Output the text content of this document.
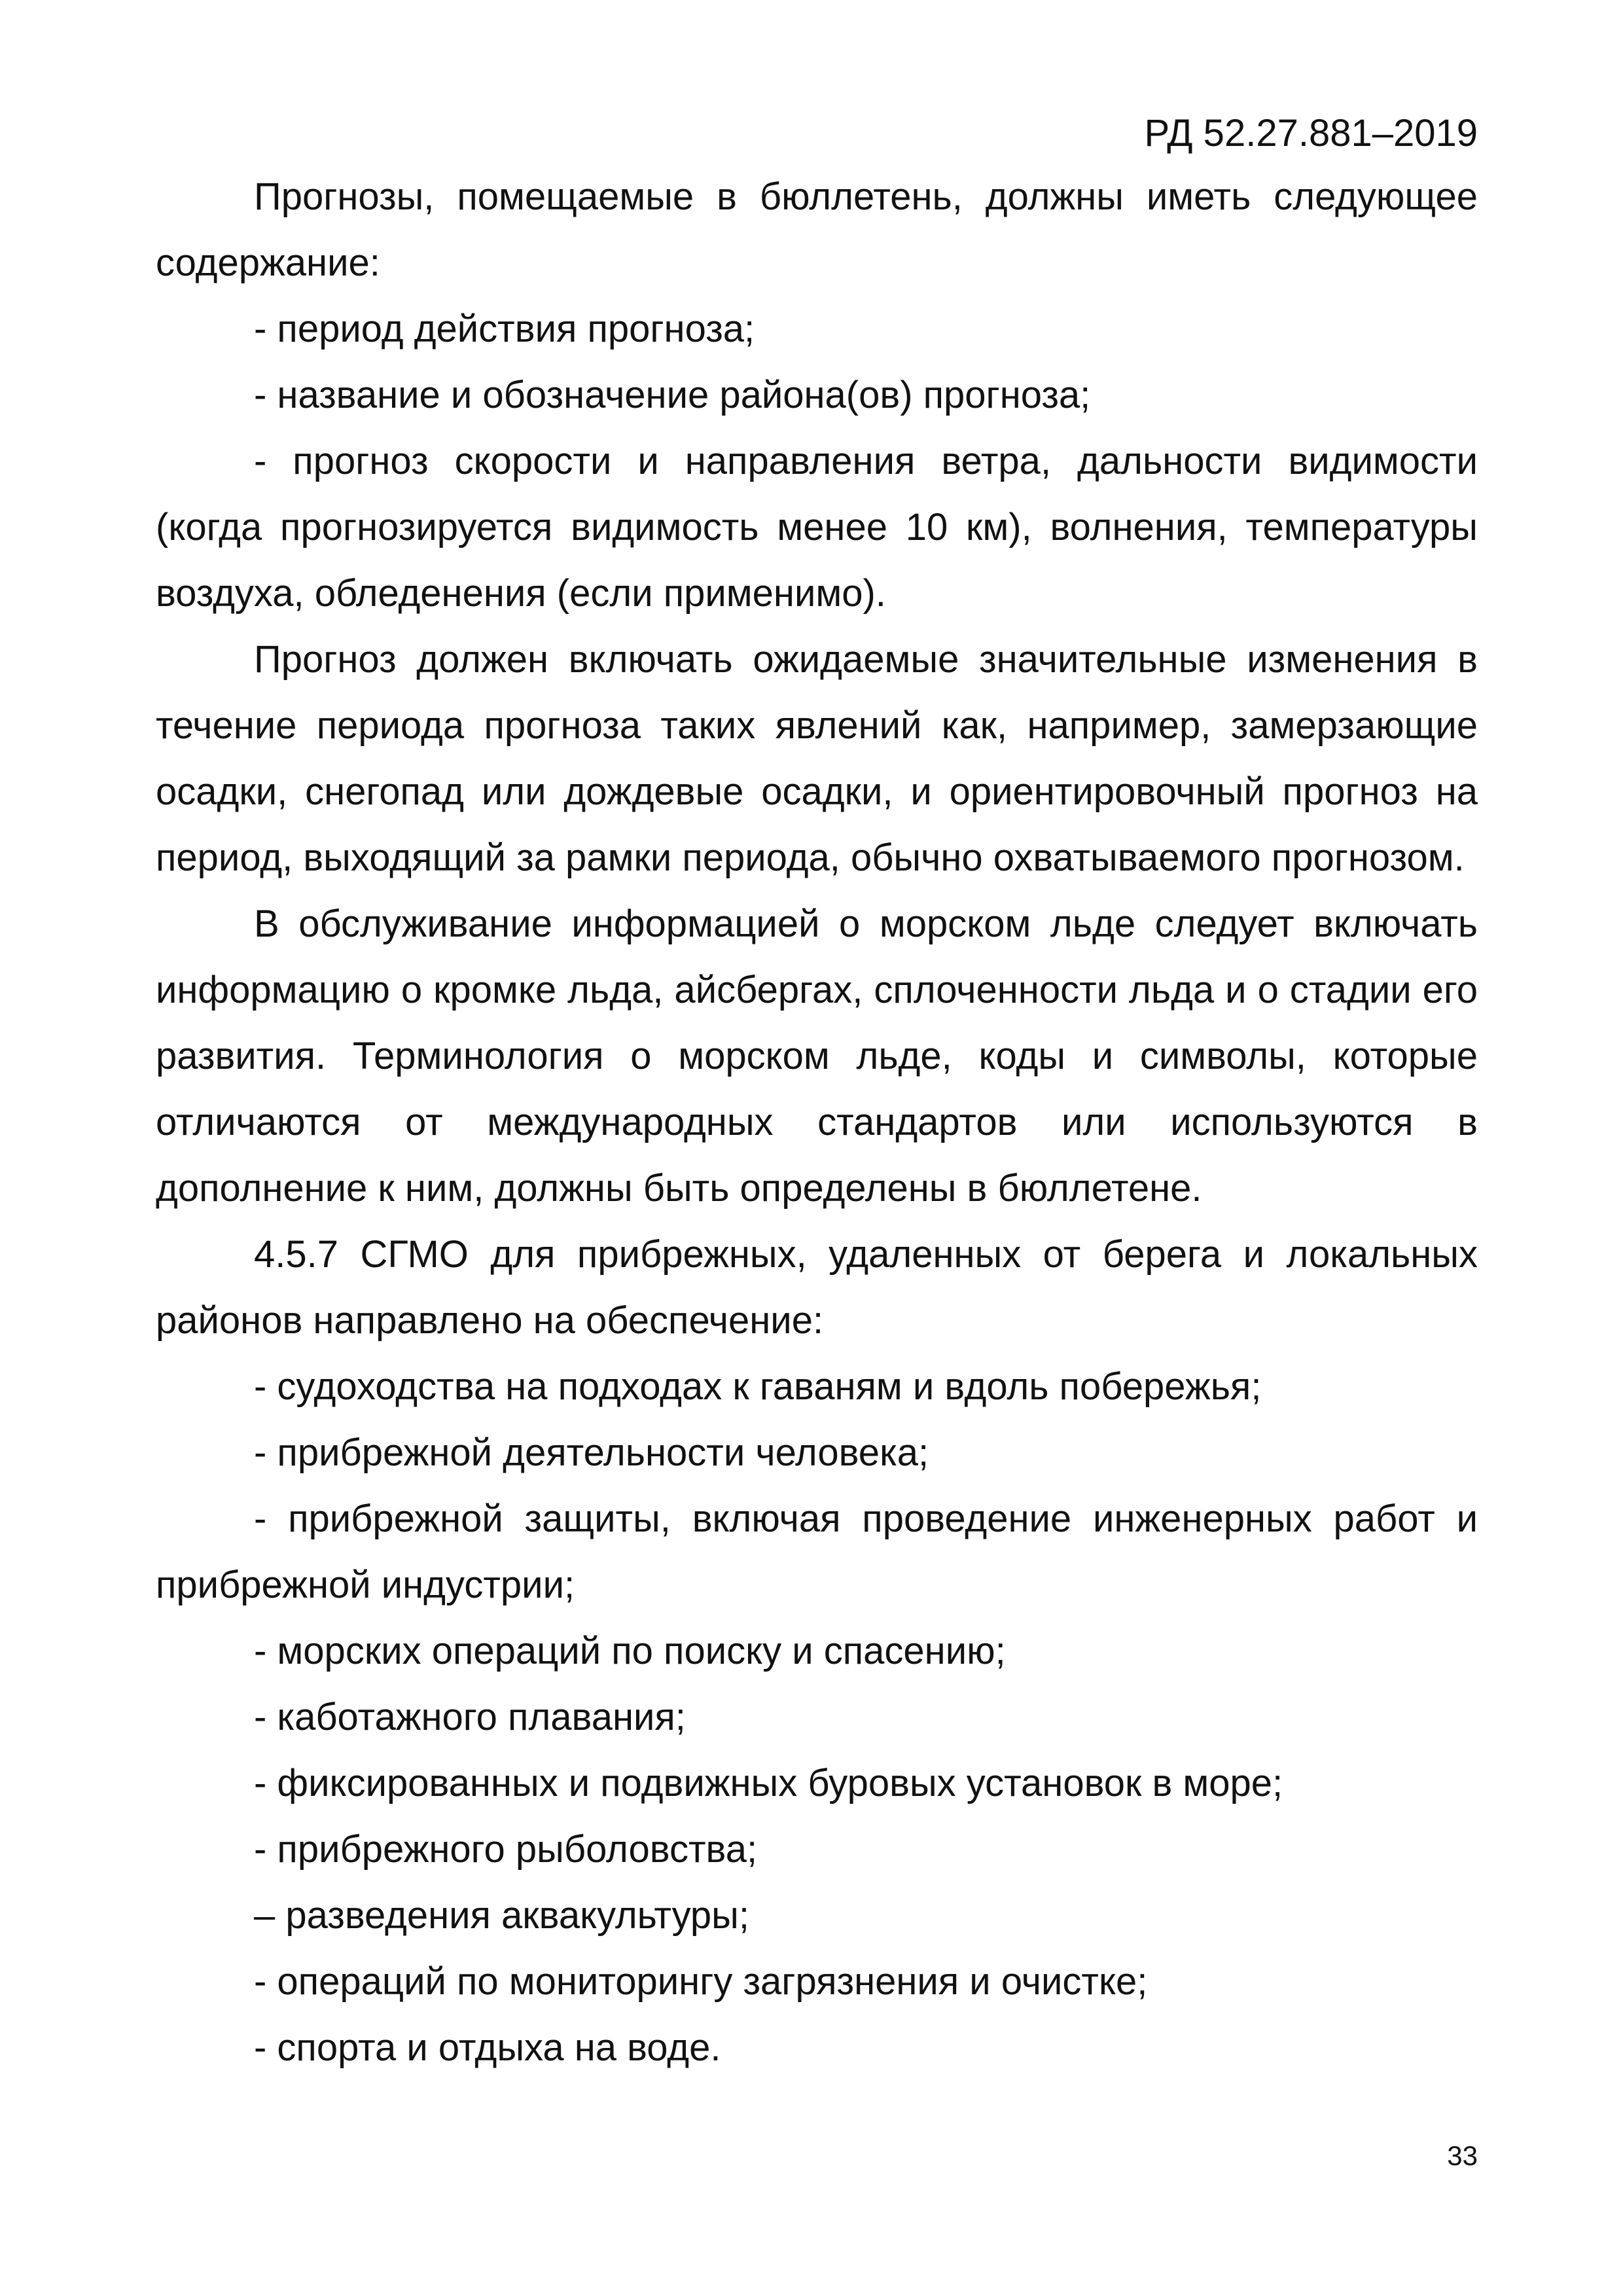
РД 52.27.881–2019

Прогнозы, помещаемые в бюллетень, должны иметь следующее содержание:

- период действия прогноза;

- название и обозначение района(ов) прогноза;

- прогноз скорости и направления ветра, дальности видимости (когда прогнозируется видимость менее 10 км), волнения, температуры воздуха, обледенения (если применимо).

Прогноз должен включать ожидаемые значительные изменения в течение периода прогноза таких явлений как, например, замерзающие осадки, снегопад или дождевые осадки, и ориентировочный прогноз на период, выходящий за рамки периода, обычно охватываемого прогнозом.

В обслуживание информацией о морском льде следует включать информацию о кромке льда, айсбергах, сплоченности льда и о стадии его развития. Терминология о морском льде, коды и символы, которые отличаются от международных стандартов или используются в дополнение к ним, должны быть определены в бюллетене.

4.5.7 СГМО для прибрежных, удаленных от берега и локальных районов направлено на обеспечение:

- судоходства на подходах к гаваням и вдоль побережья;

- прибрежной деятельности человека;

- прибрежной защиты, включая проведение инженерных работ и прибрежной индустрии;

- морских операций по поиску и спасению;

- каботажного плавания;

- фиксированных и подвижных буровых установок в море;

- прибрежного рыболовства;

– разведения аквакультуры;

- операций по мониторингу загрязнения и очистке;

- спорта и отдыха на воде.

33
